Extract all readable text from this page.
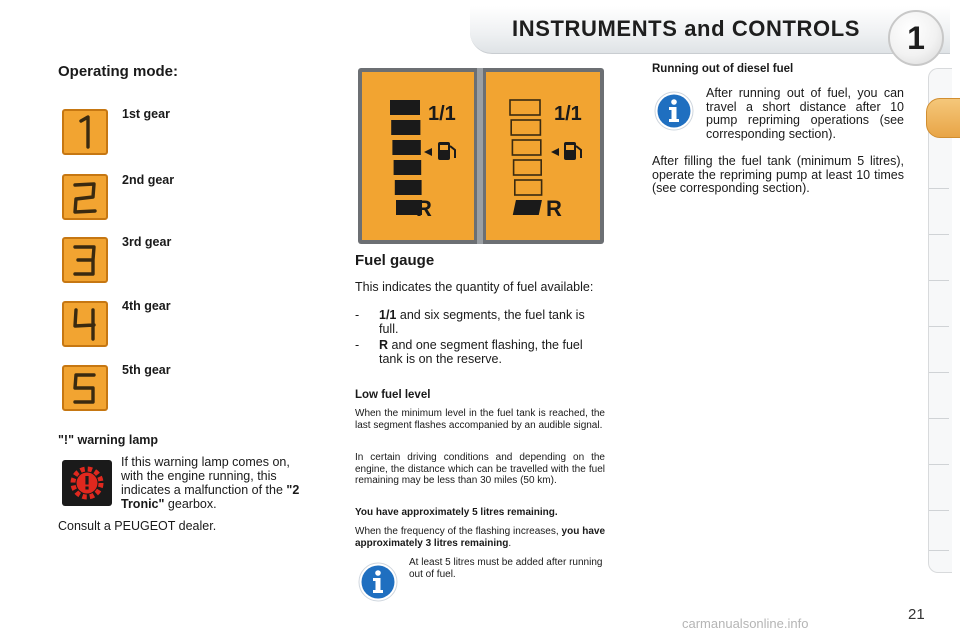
INSTRUMENTS and CONTROLS 1
Operating mode:
1st gear
2nd gear
3rd gear
4th gear
5th gear
"!" warning lamp
If this warning lamp comes on, with the engine running, this indicates a malfunction of the "2 Tronic" gearbox.
Consult a PEUGEOT dealer.
1/1
R
1/1
R
Fuel gauge
This indicates the quantity of fuel available:
- 1/1 and six segments, the fuel tank is full.
- R and one segment flashing, the fuel tank is on the reserve.
Low fuel level
When the minimum level in the fuel tank is reached, the last segment flashes accompanied by an audible signal.
In certain driving conditions and depending on the engine, the distance which can be travelled with the fuel remaining may be less than 30 miles (50 km).
You have approximately 5 litres remaining.
When the frequency of the flashing increases, you have approximately 3 litres remaining.
At least 5 litres must be added after running out of fuel.
Running out of diesel fuel
After running out of fuel, you can travel a short distance after 10 pump repriming operations (see corresponding section).
After filling the fuel tank (minimum 5 litres), operate the repriming pump at least 10 times (see corresponding section).
21
carmanualsonline.info
